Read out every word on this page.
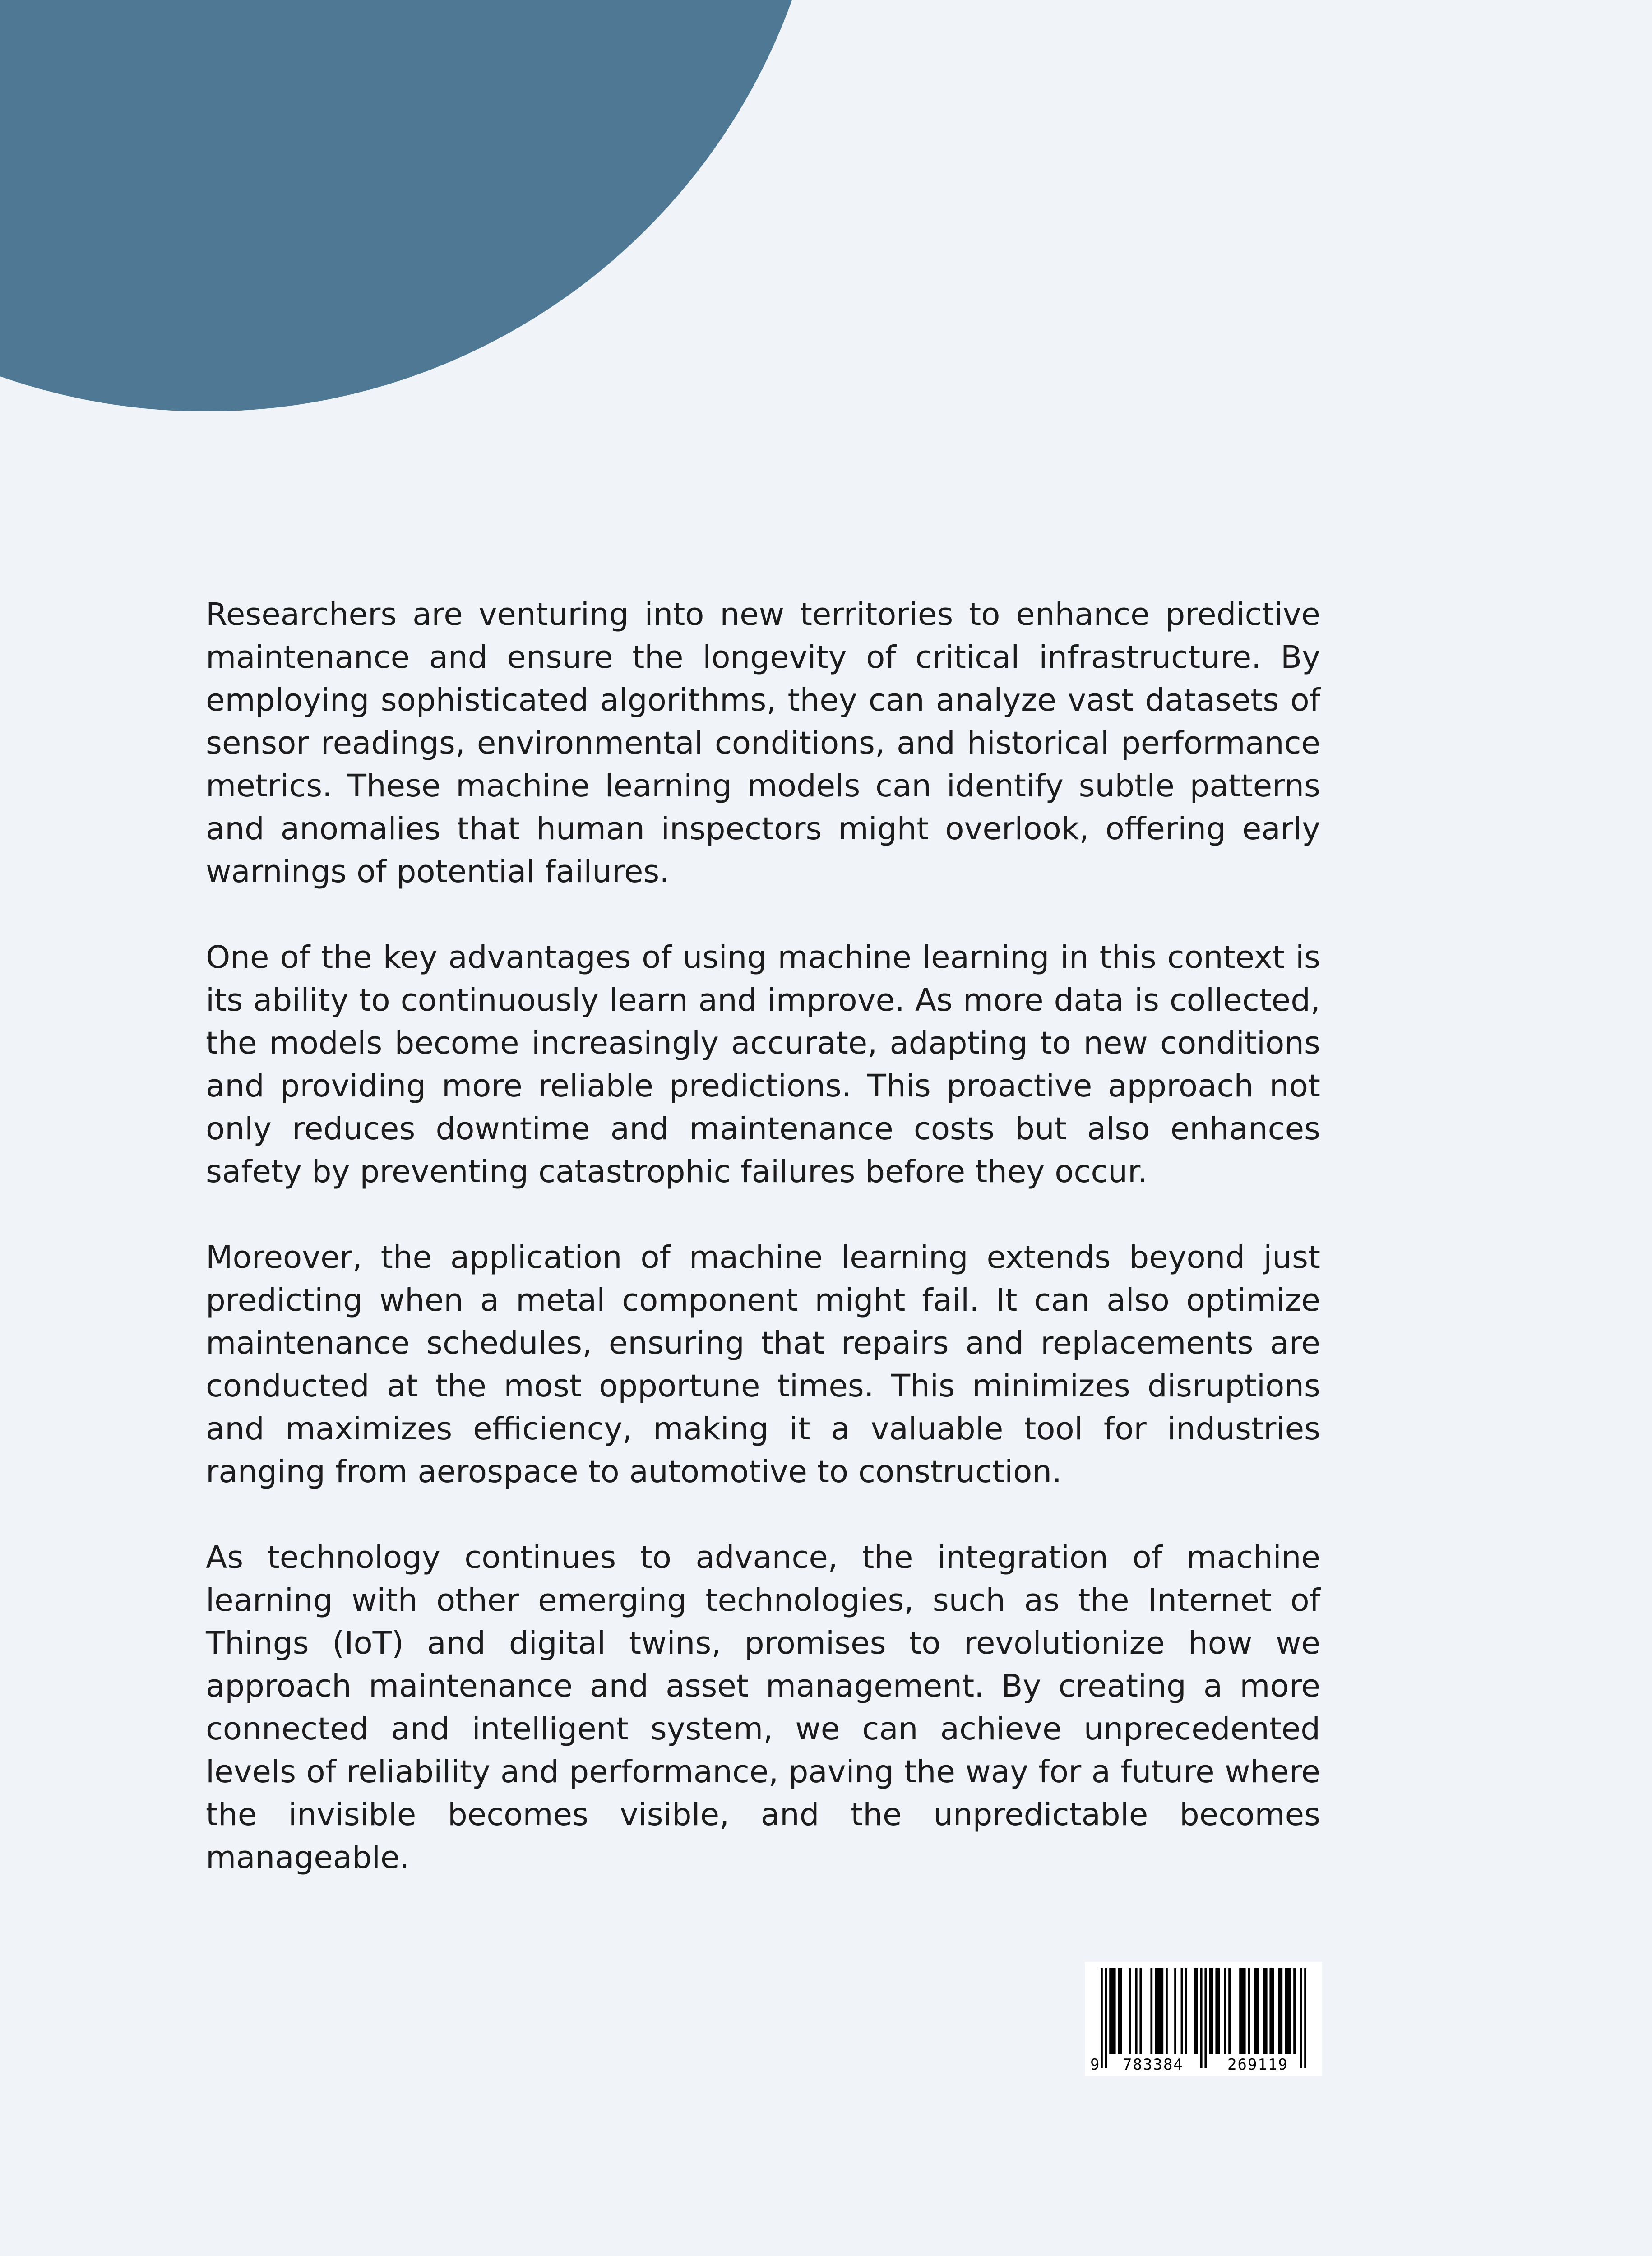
Researchers are venturing into new territories to enhance predictive maintenance and ensure the longevity of critical infrastructure. By employing sophisticated algorithms, they can analyze vast datasets of sensor readings, environmental conditions, and historical performance metrics. These machine learning models can identify subtle patterns and anomalies that human inspectors might overlook, offering early warnings of potential failures.

One of the key advantages of using machine learning in this context is its ability to continuously learn and improve. As more data is collected, the models become increasingly accurate, adapting to new conditions and providing more reliable predictions. This proactive approach not only reduces downtime and maintenance costs but also enhances safety by preventing catastrophic failures before they occur.

Moreover, the application of machine learning extends beyond just predicting when a metal component might fail. It can also optimize maintenance schedules, ensuring that repairs and replacements are conducted at the most opportune times. This minimizes disruptions and maximizes efficiency, making it a valuable tool for industries ranging from aerospace to automotive to construction.

As technology continues to advance, the integration of machine learning with other emerging technologies, such as the Internet of Things (IoT) and digital twins, promises to revolutionize how we approach maintenance and asset management. By creating a more connected and intelligent system, we can achieve unprecedented levels of reliability and performance, paving the way for a future where the invisible becomes visible, and the unpredictable becomes manageable.

9 783384	269119
